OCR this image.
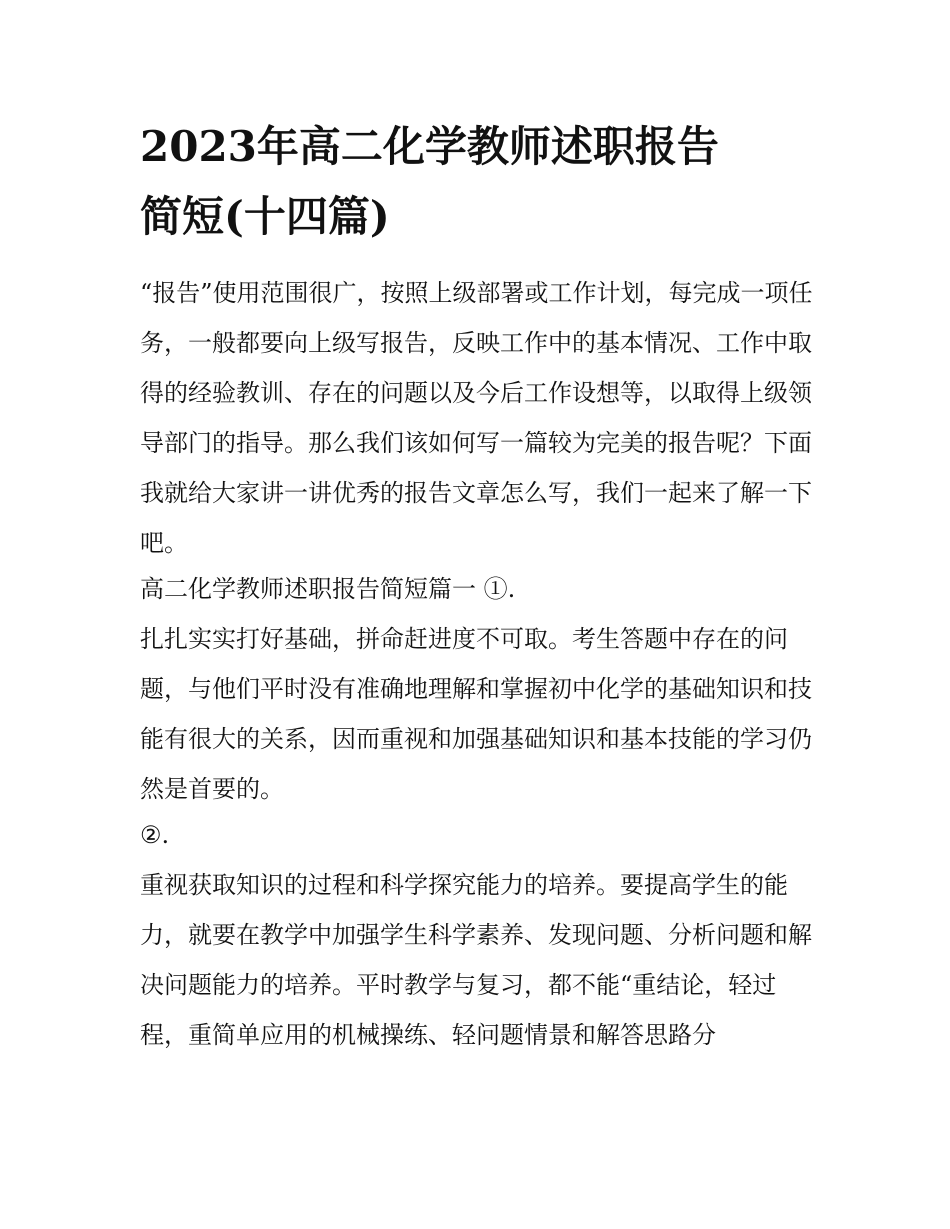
2023年高二化学教师述职报告
简短(十四篇)

“报告”使用范围很广，按照上级部署或工作计划，每完成一项任务，一般都要向上级写报告，反映工作中的基本情况、工作中取得的经验教训、存在的问题以及今后工作设想等，以取得上级领导部门的指导。那么我们该如何写一篇较为完美的报告呢？下面我就给大家讲一讲优秀的报告文章怎么写，我们一起来了解一下吧。

高二化学教师述职报告简短篇一 ①.

扎扎实实打好基础，拼命赶进度不可取。考生答题中存在的问题，与他们平时没有准确地理解和掌握初中化学的基础知识和技能有很大的关系，因而重视和加强基础知识和基本技能的学习仍然是首要的。

②.

重视获取知识的过程和科学探究能力的培养。要提高学生的能力，就要在教学中加强学生科学素养、发现问题、分析问题和解决问题能力的培养。平时教学与复习，都不能“重结论，轻过程，重简单应用的机械操练、轻问题情景和解答思路分
